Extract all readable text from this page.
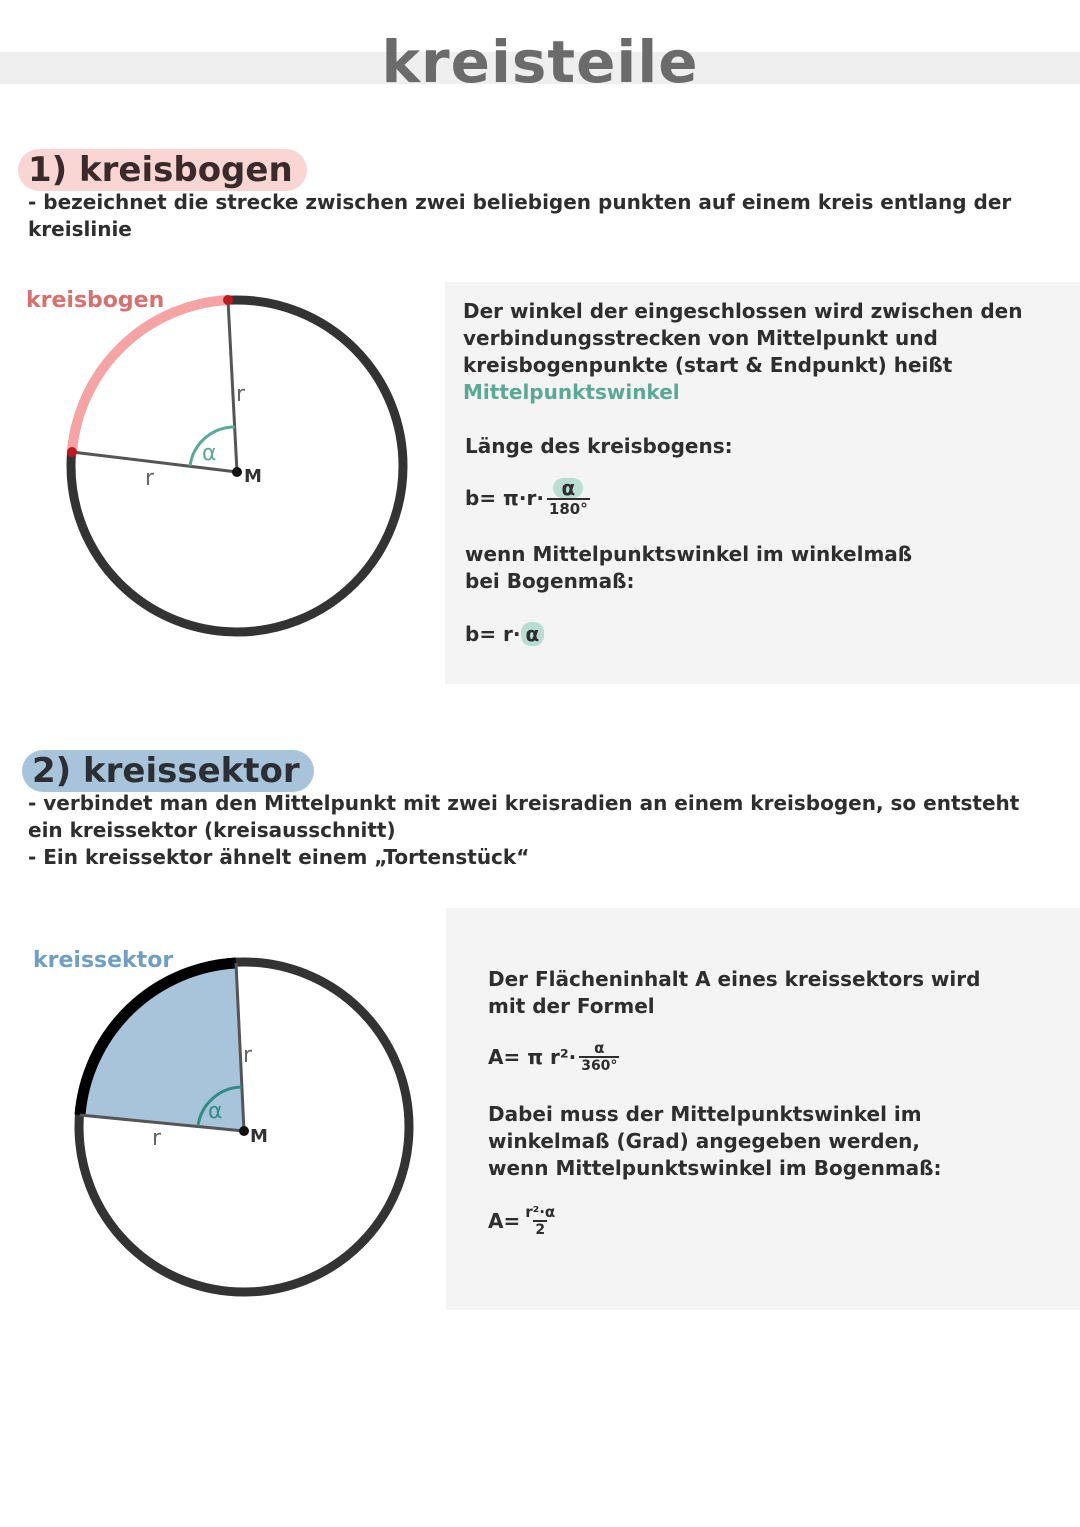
kreisteile
1) kreisbogen
- bezeichnet die strecke zwischen zwei beliebigen punkten auf einem kreis entlang der
kreislinie
kreisbogen
r
r	M
α
Der winkel der eingeschlossen wird zwischen den
verbindungsstrecken von Mittelpunkt und
kreisbogenpunkte (start & Endpunkt) heißt
Mittelpunktswinkel
Länge des kreisbogens:
$b= \pi\cdot r\cdot \frac{\alpha}{180^\circ}$
wenn Mittelpunktswinkel im winkelmaß
bei Bogenmaß:
b= r· α
2) kreissektor
- verbindet man den Mittelpunkt mit zwei kreisradien an einem kreisbogen, so entsteht
ein kreissektor (kreisausschnitt)
- Ein kreissektor ähnelt einem „Tortenstück“
kreissektor
r
r	M
α
Der Flächeninhalt A eines kreissektors wird
mit der Formel
A= π $r^2\cdot \frac{\alpha}{360^\circ}$
Dabei muss der Mittelpunktswinkel im
winkelmaß (Grad) angegeben werden,
wenn Mittelpunktswinkel im Bogenmaß:
$A= \frac{\text{r²·α}}{2}$
